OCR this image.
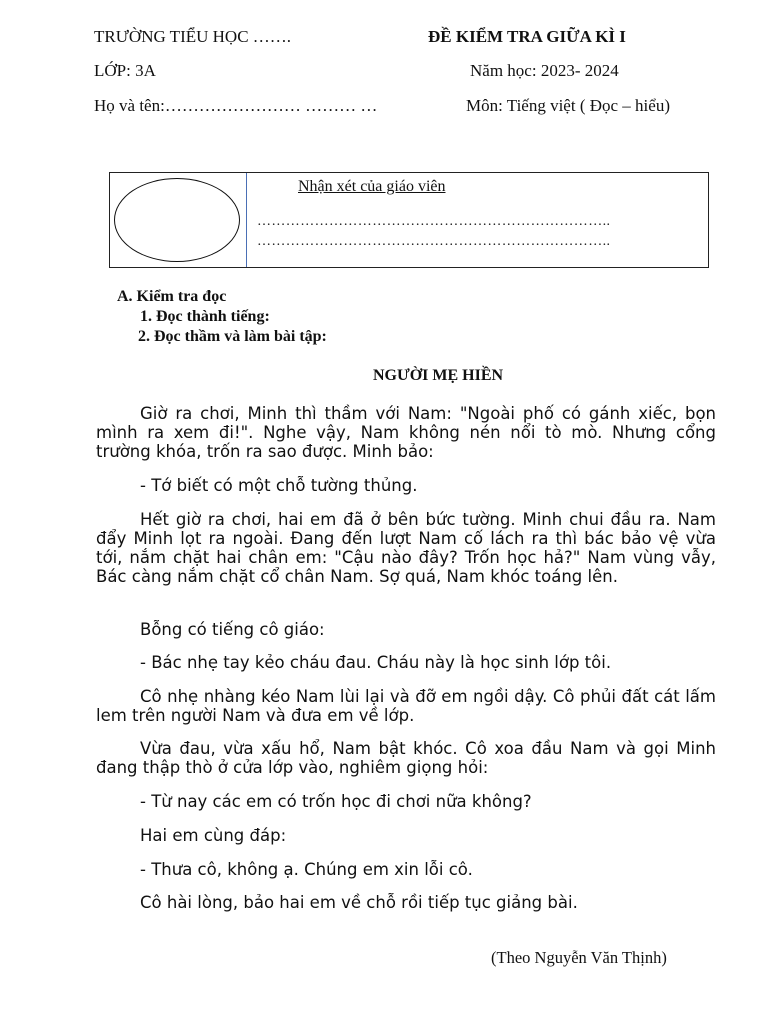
TRƯỜNG TIỂU HỌC …….	ĐỀ KIỂM TRA GIỮA KÌ I
LỚP: 3A	Năm học: 2023- 2024
Họ và tên:…………………… ……… …	Môn: Tiếng việt ( Đọc – hiểu)
Nhận xét của giáo viên
………………………………………………………………..
………………………………………………………………..
A. Kiểm tra đọc
1. Đọc thành tiếng:
2. Đọc thầm và làm bài tập:
NGƯỜI MẸ HIỀN

Giờ ra chơi, Minh thì thầm với Nam: "Ngoài phố có gánh xiếc, bọn mình ra xem đi!". Nghe vậy, Nam không nén nổi tò mò. Nhưng cổng trường khóa, trốn ra sao được. Minh bảo:

- Tớ biết có một chỗ tường thủng.

Hết giờ ra chơi, hai em đã ở bên bức tường. Minh chui đầu ra. Nam đẩy Minh lọt ra ngoài. Đang đến lượt Nam cố lách ra thì bác bảo vệ vừa tới, nắm chặt hai chân em: "Cậu nào đây? Trốn học hả?" Nam vùng vẫy, Bác càng nắm chặt cổ chân Nam. Sợ quá, Nam khóc toáng lên.

Bỗng có tiếng cô giáo:

- Bác nhẹ tay kẻo cháu đau. Cháu này là học sinh lớp tôi.

Cô nhẹ nhàng kéo Nam lùi lại và đỡ em ngồi dậy. Cô phủi đất cát lấm lem trên người Nam và đưa em về lớp.

Vừa đau, vừa xấu hổ, Nam bật khóc. Cô xoa đầu Nam và gọi Minh đang thập thò ở cửa lớp vào, nghiêm giọng hỏi:

- Từ nay các em có trốn học đi chơi nữa không?

Hai em cùng đáp:

- Thưa cô, không ạ. Chúng em xin lỗi cô.

Cô hài lòng, bảo hai em về chỗ rồi tiếp tục giảng bài.

(Theo Nguyễn Văn Thịnh)
